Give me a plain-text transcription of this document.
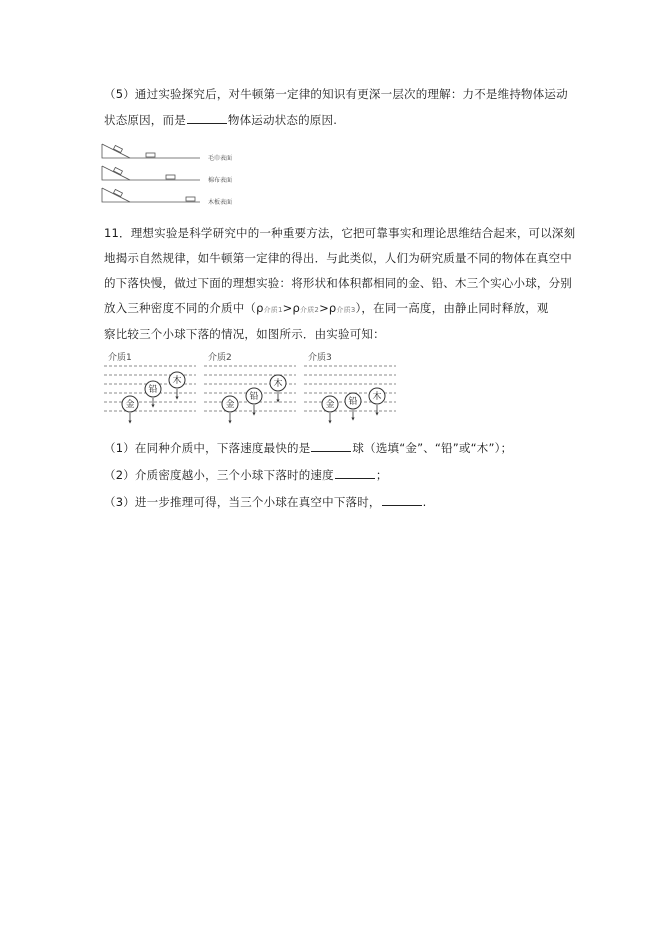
（5）通过实验探究后，对牛顿第一定律的知识有更深一层次的理解：力不是维持物体运动
状态原因，而是	物体运动状态的原因.
毛巾表面
棉布表面
木板表面
11．理想实验是科学研究中的一种重要方法，它把可靠事实和理论思维结合起来，可以深刻
地揭示自然规律，如牛顿第一定律的得出．与此类似，人们为研究质量不同的物体在真空中
的下落快慢，做过下面的理想实验：将形状和体积都相同的金、铅、木三个实心小球，分别
放入三种密度不同的介质中（ρ介质1>ρ介质2>ρ介质3），在同一高度，由静止同时释放，观
察比较三个小球下落的情况，如图所示．由实验可知：
介质1
金
铅
木
介质2
金
铅
木
介质3
金 铅 木
（1）在同种介质中，下落速度最快的是	球（选填“金”、“铅”或“木”）；
（2）介质密度越小，三个小球下落时的速度	；
（3）进一步推理可得，当三个小球在真空中下落时，	.
